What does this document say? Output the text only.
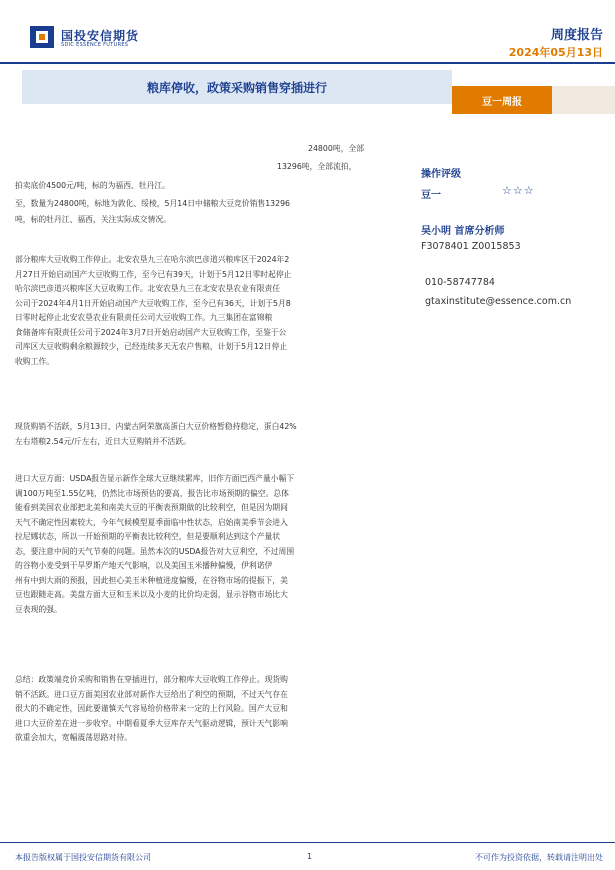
国投安信期货
SDIC ESSENCE FUTURES
周度报告
2024年05月13日
粮库停收，政策采购销售穿插进行
豆一周报
24800吨，全部
13296吨，全部流拍，
拍卖底价4500元/吨，标的为福西、牡丹江。
至，数量为24800吨，标地为敦化、绥棱，5月14日中储粮大豆竞价销售13296
吨，标的牡丹江、福西，关注实际成交情况。
操作评级
豆一	☆☆☆
吴小明 首席分析师
F3078401 Z0015853
010-58747784
gtaxinstitute@essence.com.cn
部分粮库大豆收购工作停止。北安农垦九三在哈尔滨巴彦道兴粮库区于2024年2
月27日开始启动国产大豆收购工作，至今已有39天，计划于5月12日零时起停止
哈尔滨巴彦道兴粮库区大豆收购工作。北安农垦九三在北安农垦农业有限责任
公司于2024年4月1日开始启动国产大豆收购工作，至今已有36天，计划于5月8
日零时起停止北安农垦农业有限责任公司大豆收购工作。九三集团在富锦粮
食储备库有限责任公司于2024年3月7日开始启动国产大豆收购工作，至鉴于公
司库区大豆收购剩余粮源较少，已经连续多天无农户售粮，计划于5月12日停止
收购工作。
现货购销不活跃，5月13日，内蒙古阿荣旗高蛋白大豆价格暂稳持稳定，蛋白42%
左右塔粮2.54元/斤左右，近日大豆购销并不活跃。
进口大豆方面：USDA报告显示新作全球大豆继续累库，旧作方面巴西产量小幅下
调100万吨至1.55亿吨，仍然比市场预估的要高，报告比市场预期的偏空。总体
能看到美国农业部把北美和南美大豆的平衡表预期做的比较利空，但是因为期间
天气不确定性因素较大，今年气候模型夏季面临中性状态，启始南美季节会进入
拉尼娜状态，所以一开始预期的平衡表比较利空，但是要顺利达到这个产量状
态，要注意中间的天气节奏的问题。虽然本次的USDA报告对大豆利空，不过周围
的谷物小麦受到干旱罗斯产地天气影响，以及美国玉米播种偏慢，伊利诺伊
州有中到大雨的预报，因此担心美玉米种植进度偏慢，在谷物市场的提振下，美
豆也跟随走高。美盘方面大豆和玉米以及小麦的比价均走弱，显示谷物市场比大
豆表现的强。
总结：政策端竞价采购和销售在穿插进行，部分粮库大豆收购工作停止。现货购
销不活跃。进口豆方面美国农业部对新作大豆给出了利空的预期，不过天气存在
很大的不确定性，因此要谨慎天气容易给价格带来一定的上行风险。国产大豆和
进口大豆价差在进一步收窄。中期看夏季大豆库存天气驱动逻辑，预计天气影响
欲重会加大，宽幅震荡思路对待。
本报告版权属于国投安信期货有限公司	1	不可作为投资依据，转载请注明出处
